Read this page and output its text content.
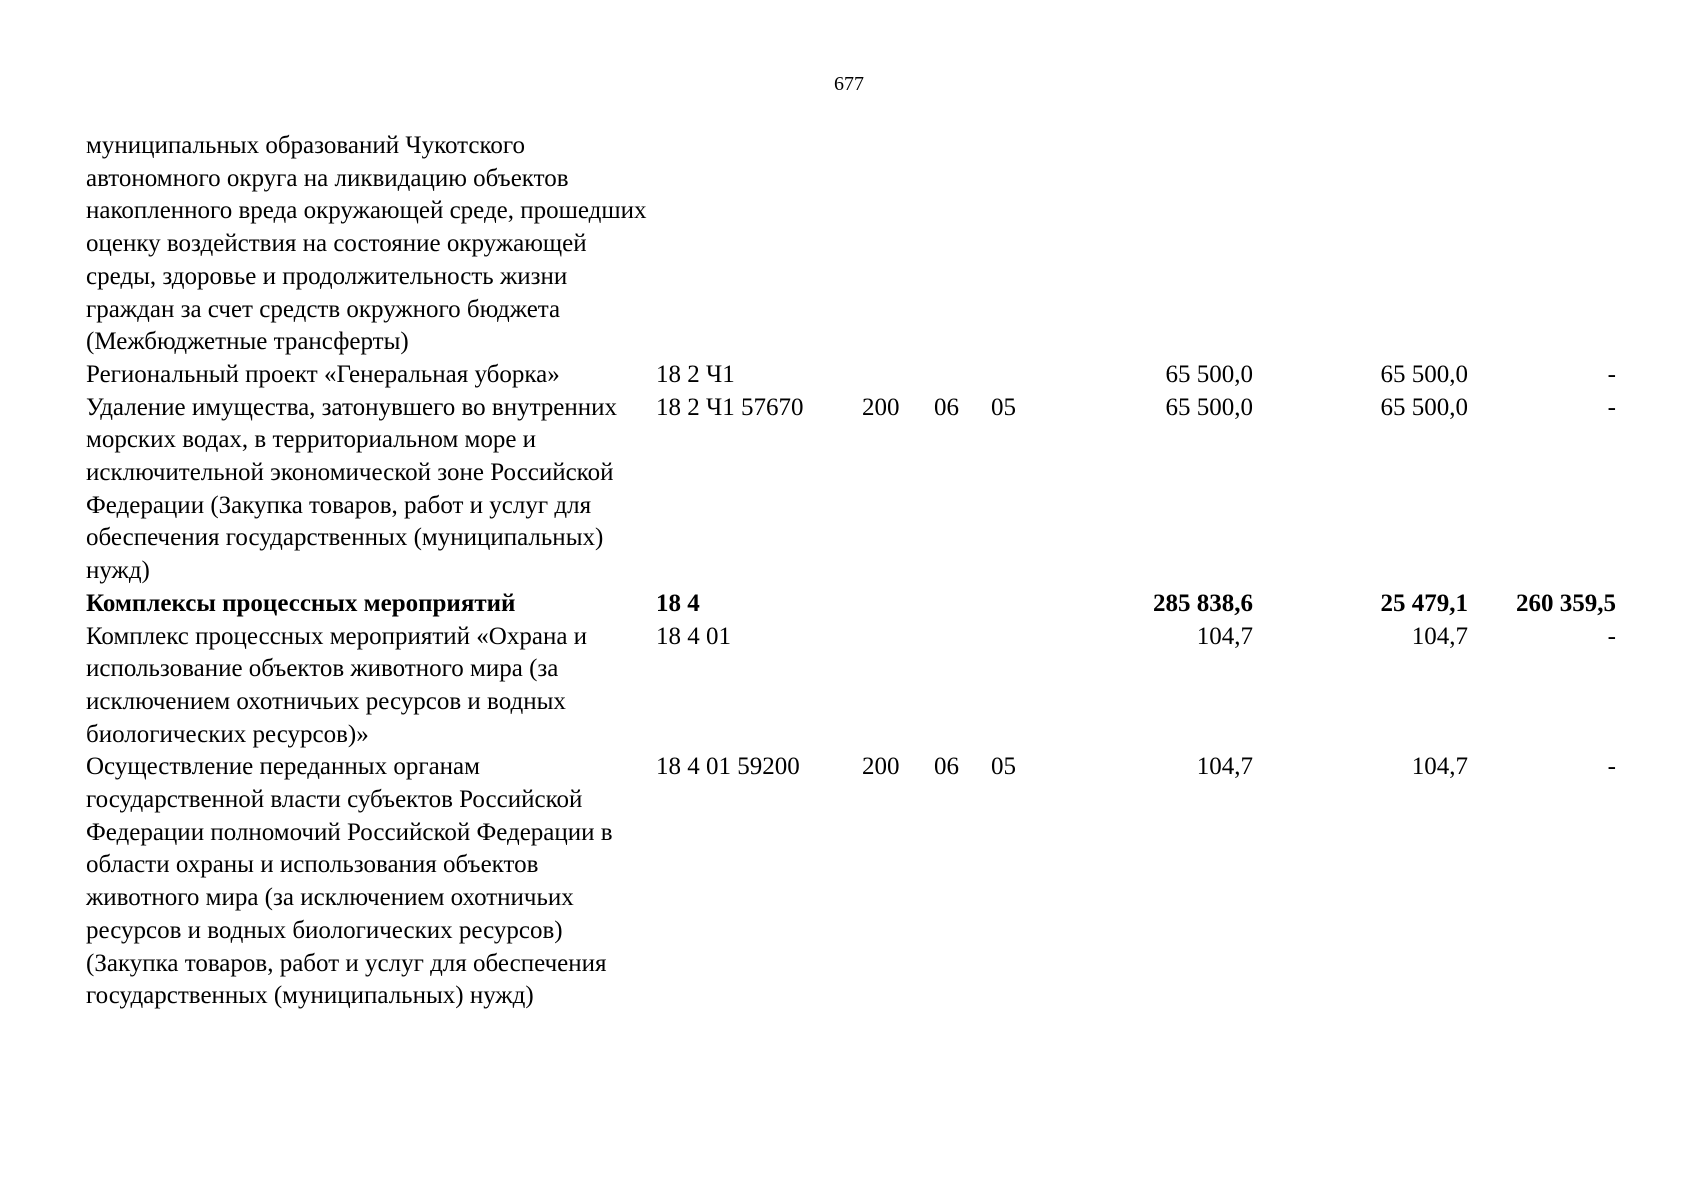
677
муниципальных образований Чукотского автономного округа на ликвидацию объектов накопленного вреда окружающей среде, прошедших оценку воздействия на состояние окружающей среды, здоровье и продолжительность жизни граждан за счет средств окружного бюджета (Межбюджетные трансферты)							
Региональный проект «Генеральная уборка»	18 2 Ч1				65 500,0	65 500,0	-
Удаление имущества, затонувшего во внутренних морских водах, в территориальном море и исключительной экономической зоне Российской Федерации (Закупка товаров, работ и услуг для обеспечения государственных (муниципальных) нужд)	18 2 Ч1 57670	200	06	05	65 500,0	65 500,0	-
Комплексы процессных мероприятий	18 4				285 838,6	25 479,1	260 359,5
Комплекс процессных мероприятий «Охрана и использование объектов животного мира (за исключением охотничьих ресурсов и водных биологических ресурсов)»	18 4 01				104,7	104,7	-
Осуществление переданных органам государственной власти субъектов Российской Федерации полномочий Российской Федерации в области охраны и использования объектов животного мира (за исключением охотничьих ресурсов и водных биологических ресурсов) (Закупка товаров, работ и услуг для обеспечения государственных (муниципальных) нужд)	18 4 01 59200	200	06	05	104,7	104,7	-
